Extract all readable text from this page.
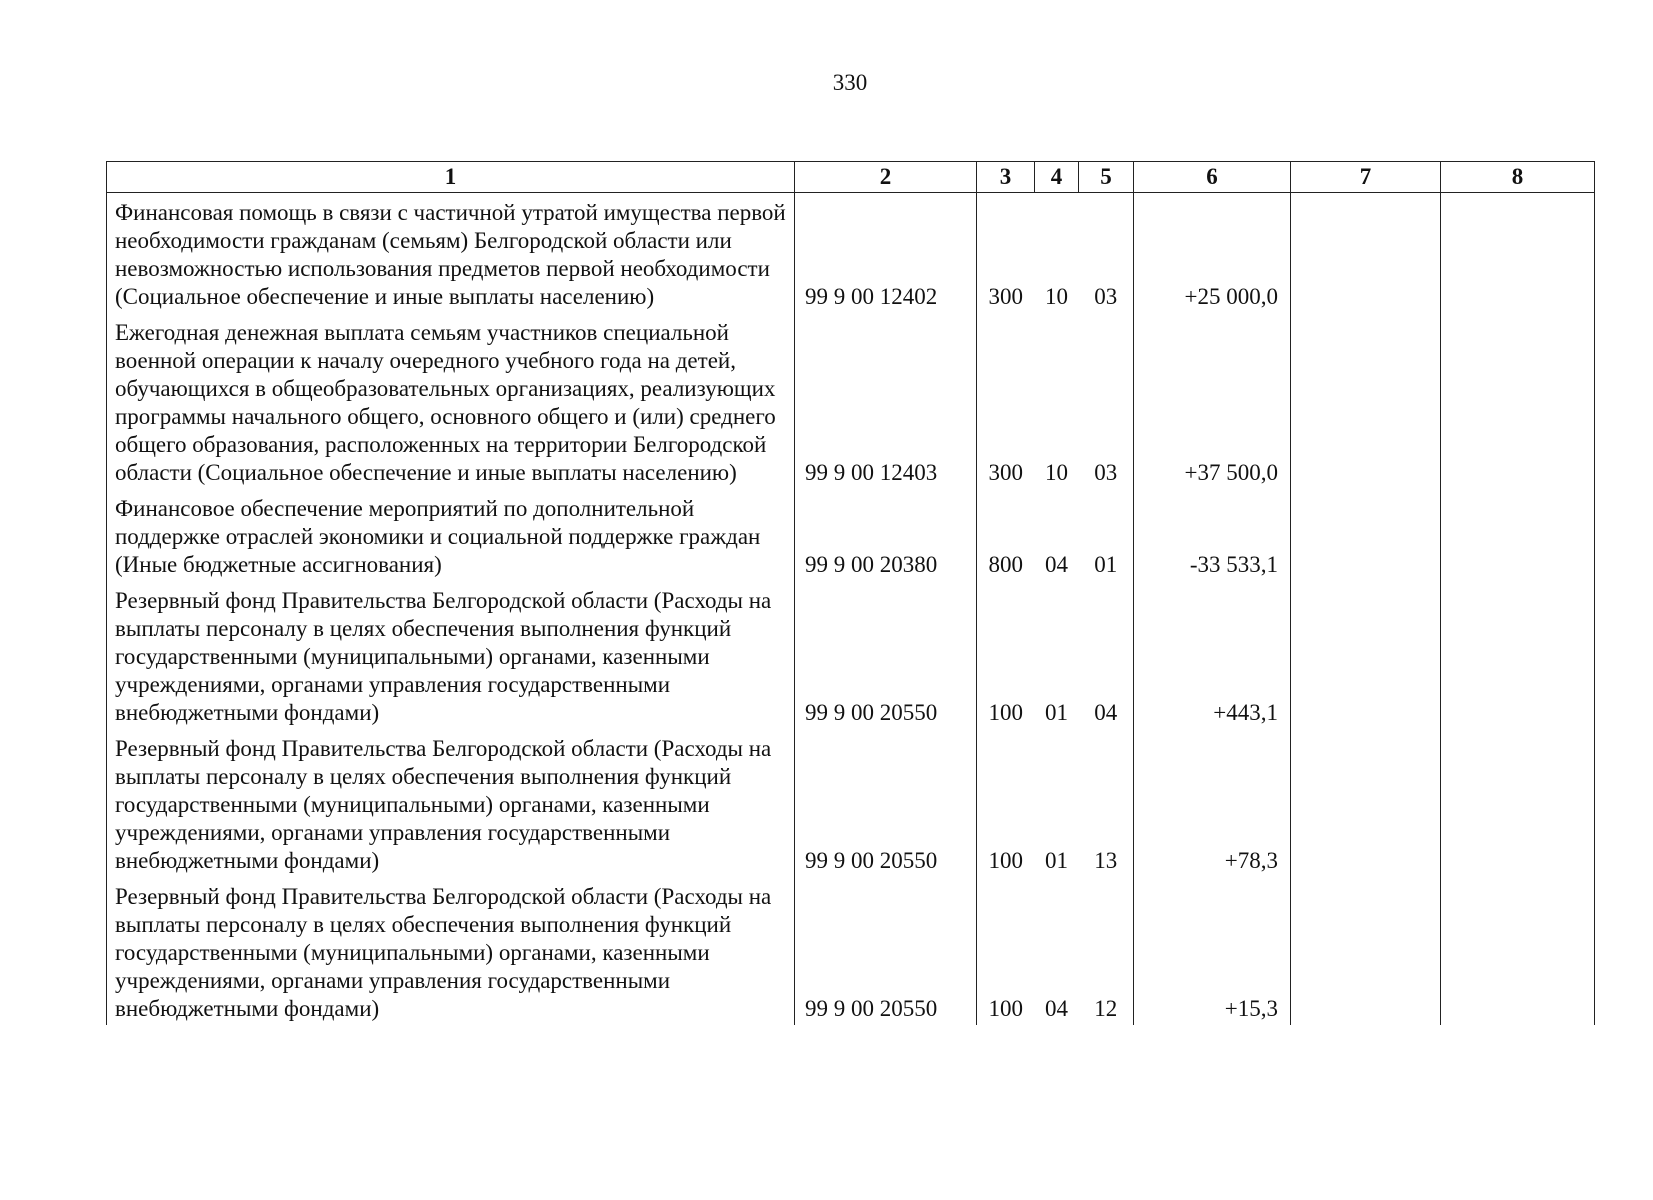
330
1	2	3	4	5	6	7	8
Финансовая помощь в связи с частичной утратой имущества первой необходимости гражданам (семьям) Белгородской области или невозможностью использования предметов первой необходимости (Социальное обеспечение и иные выплаты населению)	99 9 00 12402	300	10	03	+25 000,0		
Ежегодная денежная выплата семьям участников специальной военной операции к началу очередного учебного года на детей, обучающихся в общеобразовательных организациях, реализующих программы начального общего, основного общего и (или) среднего общего образования, расположенных на территории Белгородской области (Социальное обеспечение и иные выплаты населению)	99 9 00 12403	300	10	03	+37 500,0		
Финансовое обеспечение мероприятий по дополнительной поддержке отраслей экономики и социальной поддержке граждан (Иные бюджетные ассигнования)	99 9 00 20380	800	04	01	-33 533,1		
Резервный фонд Правительства Белгородской области (Расходы на выплаты персоналу в целях обеспечения выполнения функций государственными (муниципальными) органами, казенными учреждениями, органами управления государственными внебюджетными фондами)	99 9 00 20550	100	01	04	+443,1		
Резервный фонд Правительства Белгородской области (Расходы на выплаты персоналу в целях обеспечения выполнения функций государственными (муниципальными) органами, казенными учреждениями, органами управления государственными внебюджетными фондами)	99 9 00 20550	100	01	13	+78,3		
Резервный фонд Правительства Белгородской области (Расходы на выплаты персоналу в целях обеспечения выполнения функций государственными (муниципальными) органами, казенными учреждениями, органами управления государственными внебюджетными фондами)	99 9 00 20550	100	04	12	+15,3		
